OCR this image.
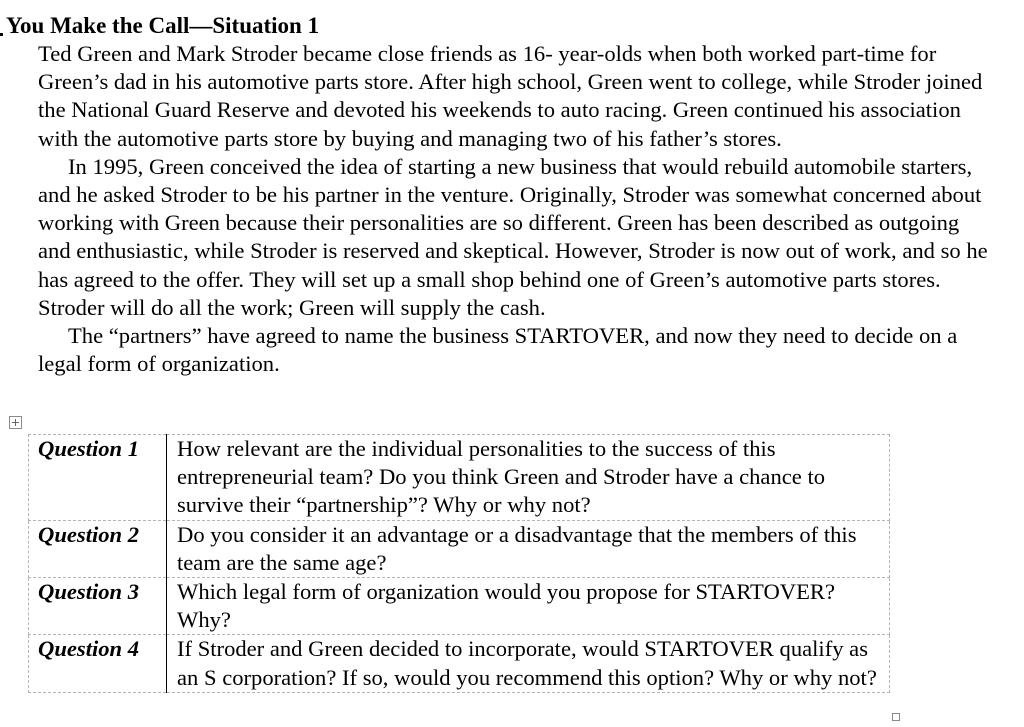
You Make the Call—Situation 1

Ted Green and Mark Stroder became close friends as 16- year-olds when both worked part-time for Green’s dad in his automotive parts store. After high school, Green went to college, while Stroder joined the National Guard Reserve and devoted his weekends to auto racing. Green continued his association with the automotive parts store by buying and managing two of his father’s stores.

In 1995, Green conceived the idea of starting a new business that would rebuild automobile starters, and he asked Stroder to be his partner in the venture. Originally, Stroder was somewhat concerned about working with Green because their personalities are so different. Green has been described as outgoing and enthusiastic, while Stroder is reserved and skeptical. However, Stroder is now out of work, and so he has agreed to the offer. They will set up a small shop behind one of Green’s automotive parts stores. Stroder will do all the work; Green will supply the cash.

The “partners” have agreed to name the business STARTOVER, and now they need to decide on a legal form of organization.

Question 1	How relevant are the individual personalities to the success of this entrepreneurial team? Do you think Green and Stroder have a chance to survive their “partnership”? Why or why not?
Question 2	Do you consider it an advantage or a disadvantage that the members of this team are the same age?
Question 3	Which legal form of organization would you propose for STARTOVER? Why?
Question 4	If Stroder and Green decided to incorporate, would STARTOVER qualify as an S corporation? If so, would you recommend this option? Why or why not?
